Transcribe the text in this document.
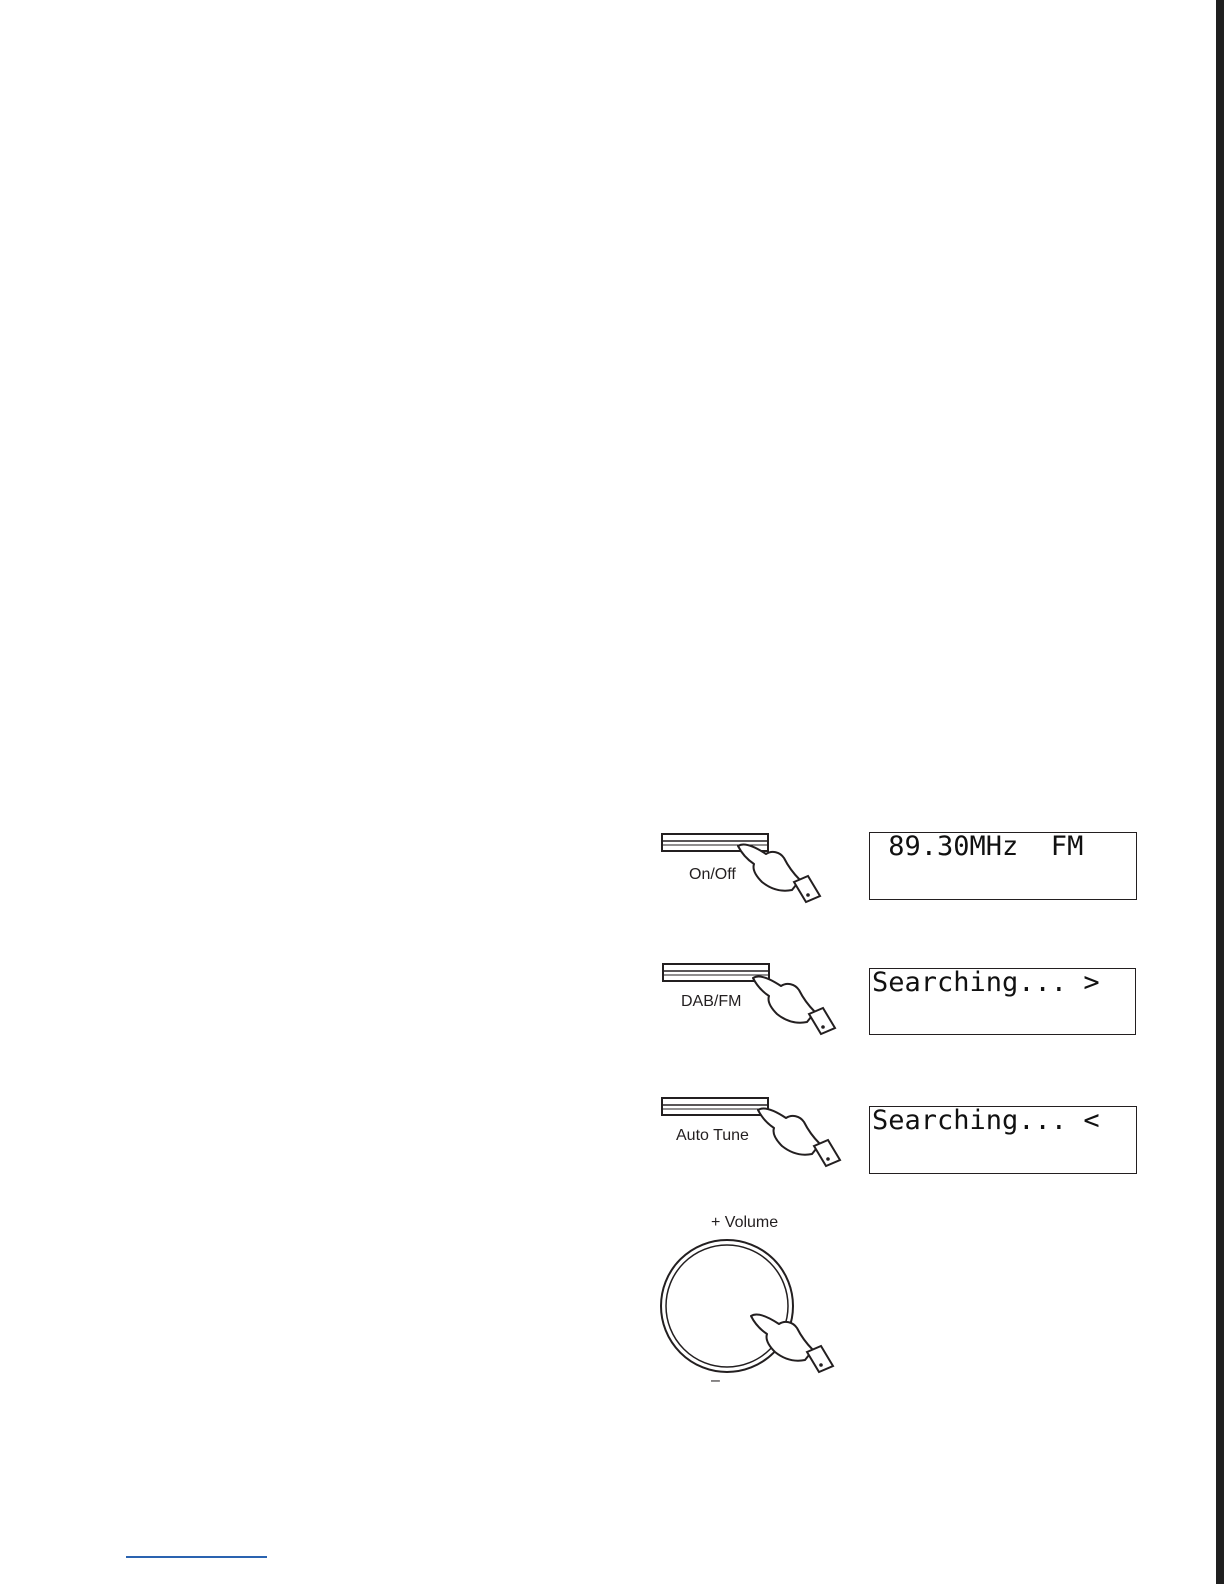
On/Off
89.30MHz  FM
DAB/FM
Searching... >
Auto Tune	Searching... <
+ Volume
–
